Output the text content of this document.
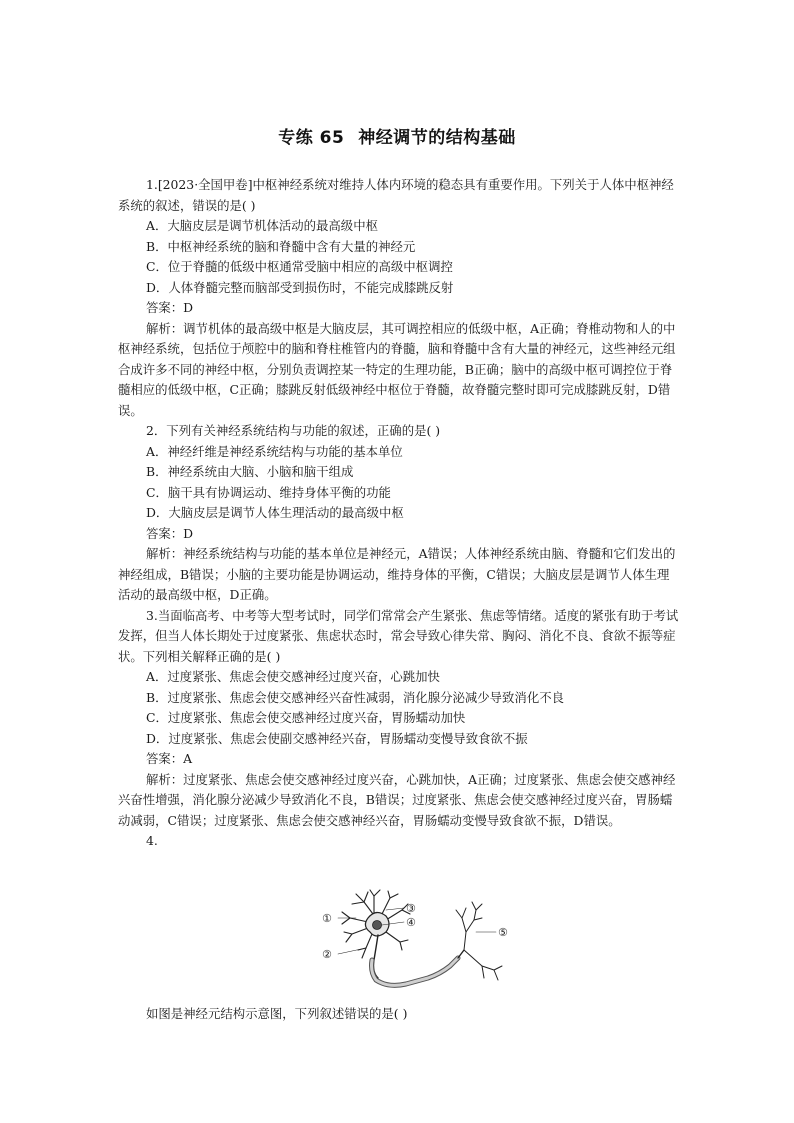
专练 65 神经调节的结构基础

1.[2023·全国甲卷]中枢神经系统对维持人体内环境的稳态具有重要作用。下列关于人体中枢神经系统的叙述，错误的是( )

A．大脑皮层是调节机体活动的最高级中枢

B．中枢神经系统的脑和脊髓中含有大量的神经元

C．位于脊髓的低级中枢通常受脑中相应的高级中枢调控

D．人体脊髓完整而脑部受到损伤时，不能完成膝跳反射

答案：D

解析：调节机体的最高级中枢是大脑皮层，其可调控相应的低级中枢，A正确；脊椎动物和人的中枢神经系统，包括位于颅腔中的脑和脊柱椎管内的脊髓，脑和脊髓中含有大量的神经元，这些神经元组合成许多不同的神经中枢，分别负责调控某一特定的生理功能，B正确；脑中的高级中枢可调控位于脊髓相应的低级中枢，C正确；膝跳反射低级神经中枢位于脊髓，故脊髓完整时即可完成膝跳反射，D错误。

2．下列有关神经系统结构与功能的叙述，正确的是( )

A．神经纤维是神经系统结构与功能的基本单位

B．神经系统由大脑、小脑和脑干组成

C．脑干具有协调运动、维持身体平衡的功能

D．大脑皮层是调节人体生理活动的最高级中枢

答案：D

解析：神经系统结构与功能的基本单位是神经元，A错误；人体神经系统由脑、脊髓和它们发出的神经组成，B错误；小脑的主要功能是协调运动，维持身体的平衡，C错误；大脑皮层是调节人体生理活动的最高级中枢，D正确。

3.当面临高考、中考等大型考试时，同学们常常会产生紧张、焦虑等情绪。适度的紧张有助于考试发挥，但当人体长期处于过度紧张、焦虑状态时，常会导致心律失常、胸闷、消化不良、食欲不振等症状。下列相关解释正确的是( )

A．过度紧张、焦虑会使交感神经过度兴奋，心跳加快

B．过度紧张、焦虑会使交感神经兴奋性减弱，消化腺分泌减少导致消化不良

C．过度紧张、焦虑会使交感神经过度兴奋，胃肠蠕动加快

D．过度紧张、焦虑会使副交感神经兴奋，胃肠蠕动变慢导致食欲不振

答案：A

解析：过度紧张、焦虑会使交感神经过度兴奋，心跳加快，A正确；过度紧张、焦虑会使交感神经兴奋性增强，消化腺分泌减少导致消化不良，B错误；过度紧张、焦虑会使交感神经过度兴奋，胃肠蠕动减弱，C错误；过度紧张、焦虑会使交感神经兴奋，胃肠蠕动变慢导致食欲不振，D错误。

4.

①
②
③
④
⑤
如图是神经元结构示意图，下列叙述错误的是( )
